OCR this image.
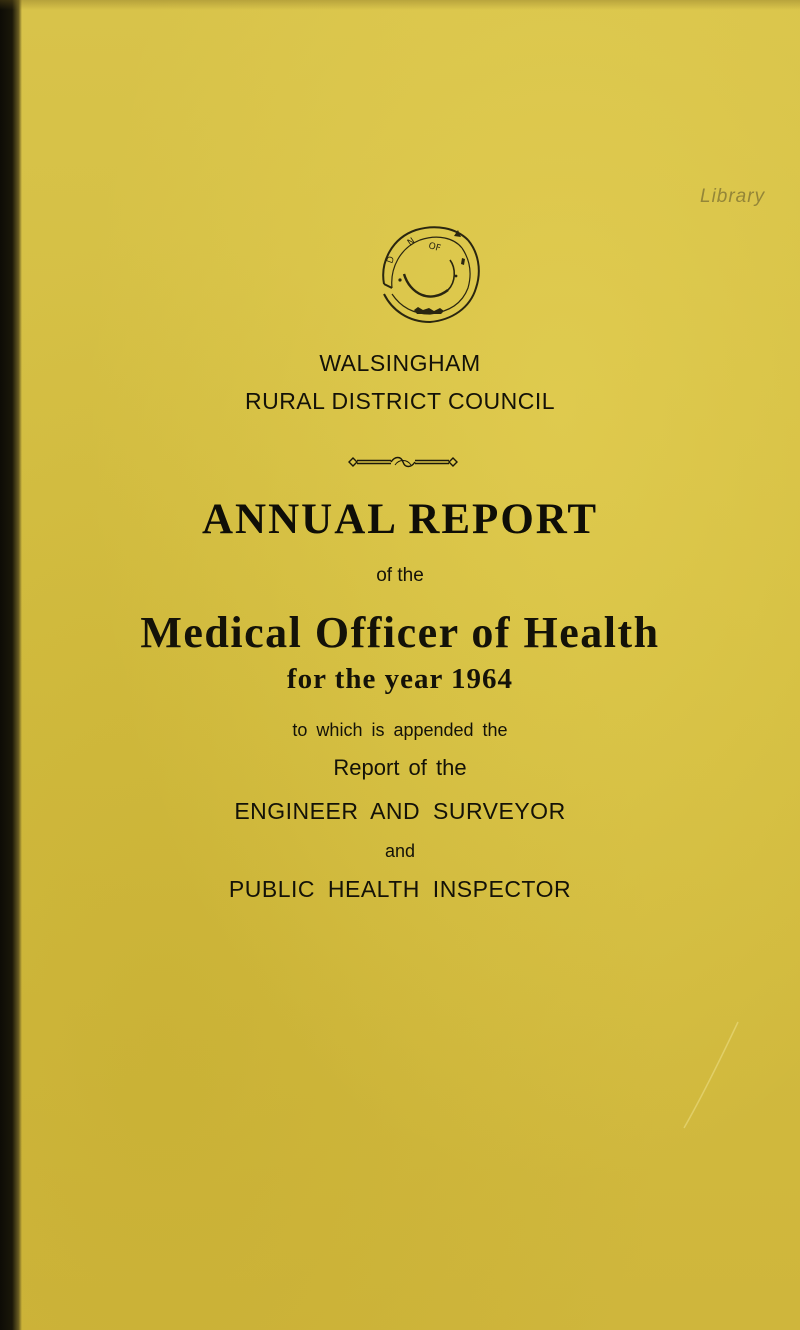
Library
OF
N
D
WALSINGHAM
RURAL DISTRICT COUNCIL
ANNUAL REPORT
of the
Medical Officer of Health
for the year 1964
to which is appended the
Report of the
ENGINEER AND SURVEYOR
and
PUBLIC HEALTH INSPECTOR
